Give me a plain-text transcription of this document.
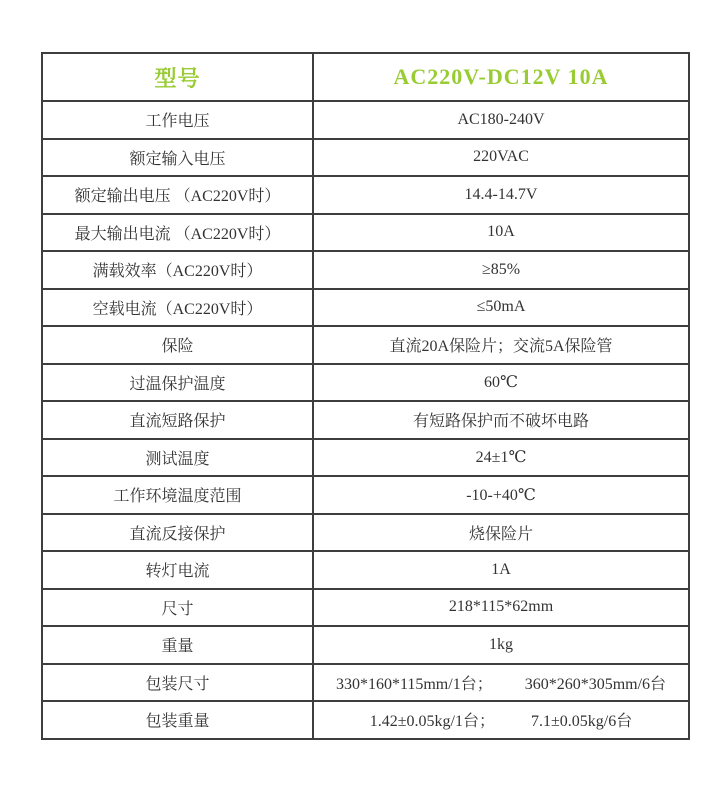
型号	AC220V-DC12V 10A
工作电压	AC180-240V
额定输入电压	220VAC
额定输出电压 （AC220V时）	14.4-14.7V
最大输出电流 （AC220V时）	10A
满载效率（AC220V时）	≥85%
空载电流（AC220V时）	≤50mA
保险	直流20A保险片；交流5A保险管
过温保护温度	60℃
直流短路保护	有短路保护而不破坏电路
测试温度	24±1℃
工作环境温度范围	-10-+40℃
直流反接保护	烧保险片
转灯电流	1A
尺寸	218*115*62mm
重量	1kg
包装尺寸	330*160*115mm/1台；        360*260*305mm/6台
包装重量	1.42±0.05kg/1台；         7.1±0.05kg/6台
